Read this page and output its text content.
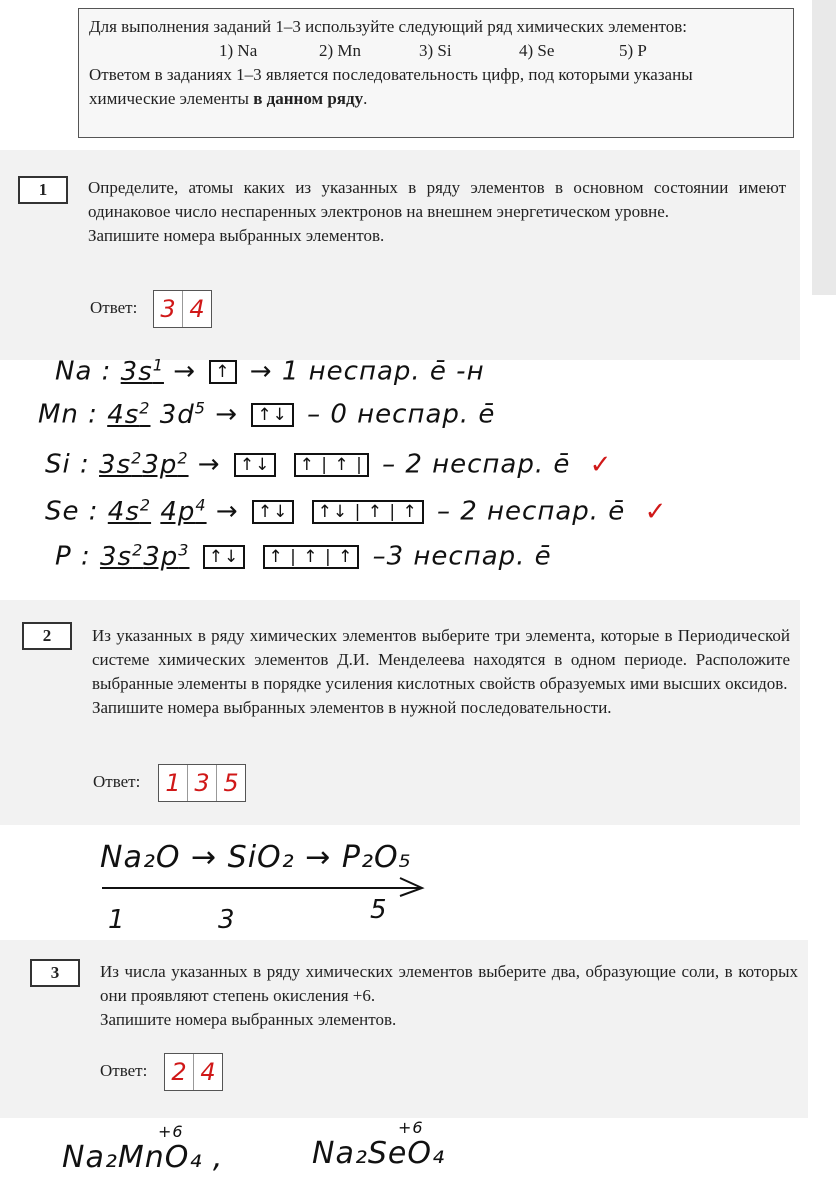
Для выполнения заданий 1–3 используйте следующий ряд химических элементов:
1) Na	2) Mn	3) Si	4) Se	5) P
Ответом в заданиях 1–3 является последовательность цифр, под которыми указаны химические элементы в данном ряду.
1	Определите, атомы каких из указанных в ряду элементов в основном состоянии имеют одинаковое число неспаренных электронов на внешнем энергетическом уровне.
Запишите номера выбранных элементов.
Ответ: 3 4
Na : $3s^1$ → ↑ → 1 неспар. ē -н
Mn : $4s^2$ $3d^5$ → ↑↓ – 0 неспар. ē
Si : $3s^23p^2$ → ↑↓ ↑ | ↑ | – 2 неспар. ē ✓
Se : $4s^2$ $4p^4$ → ↑↓ ↑↓ | ↑ | ↑ – 2 неспар. ē ✓
P : $3s^23p^3$ ↑↓ ↑ | ↑ | ↑ –3 неспар. ē
2	Из указанных в ряду химических элементов выберите три элемента, которые в Периодической системе химических элементов Д.И. Менделеева находятся в одном периоде. Расположите выбранные элементы в порядке усиления кислотных свойств образуемых ими высших оксидов.
Запишите номера выбранных элементов в нужной последовательности.
Ответ: 1 3 5
Na₂O → SiO₂ → P₂O₅
1	3	5
3	Из числа указанных в ряду химических элементов выберите два, образующие соли, в которых они проявляют степень окисления +6.
Запишите номера выбранных элементов.
Ответ: 2 4
+6	+6
Na₂MnO₄ ,	Na₂SeO₄
